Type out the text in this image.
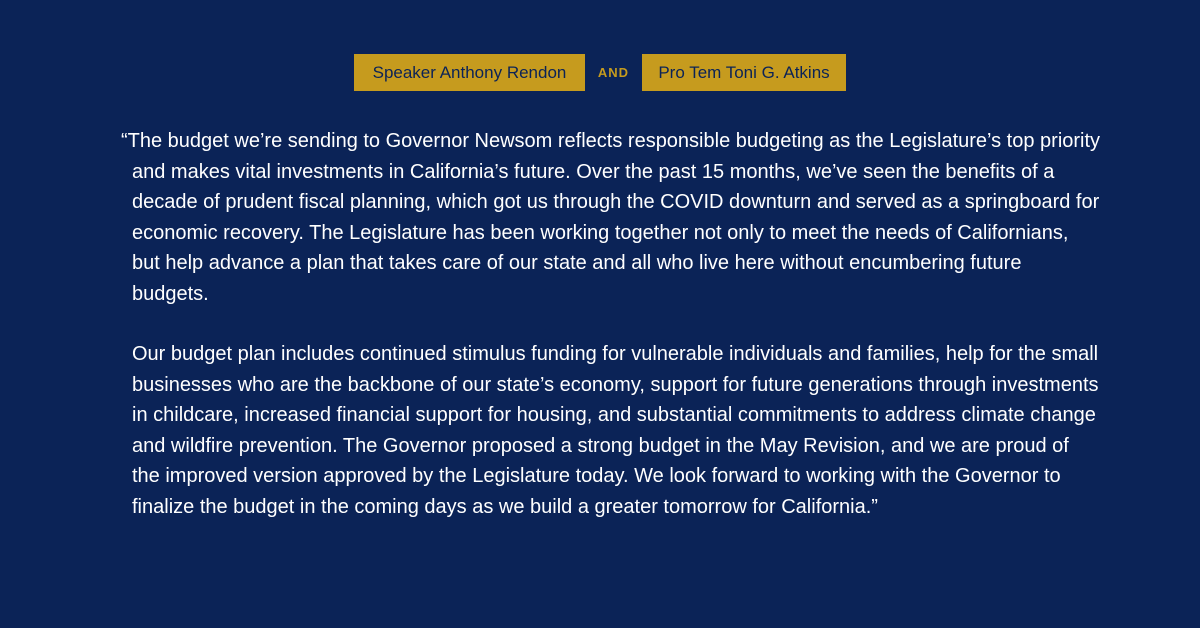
Speaker Anthony Rendon	AND	Pro Tem Toni G. Atkins

“The budget we’re sending to Governor Newsom reflects responsible budgeting as the Legislature’s top priority and makes vital investments in California’s future. Over the past 15 months, we’ve seen the benefits of a decade of prudent fiscal planning, which got us through the COVID downturn and served as a springboard for economic recovery. The Legislature has been working together not only to meet the needs of Californians, but help advance a plan that takes care of our state and all who live here without encumbering future budgets.

Our budget plan includes continued stimulus funding for vulnerable individuals and families, help for the small businesses who are the backbone of our state’s economy, support for future generations through investments in childcare, increased financial support for housing, and substantial commitments to address climate change and wildfire prevention. The Governor proposed a strong budget in the May Revision, and we are proud of the improved version approved by the Legislature today. We look forward to working with the Governor to finalize the budget in the coming days as we build a greater tomorrow for California.”
